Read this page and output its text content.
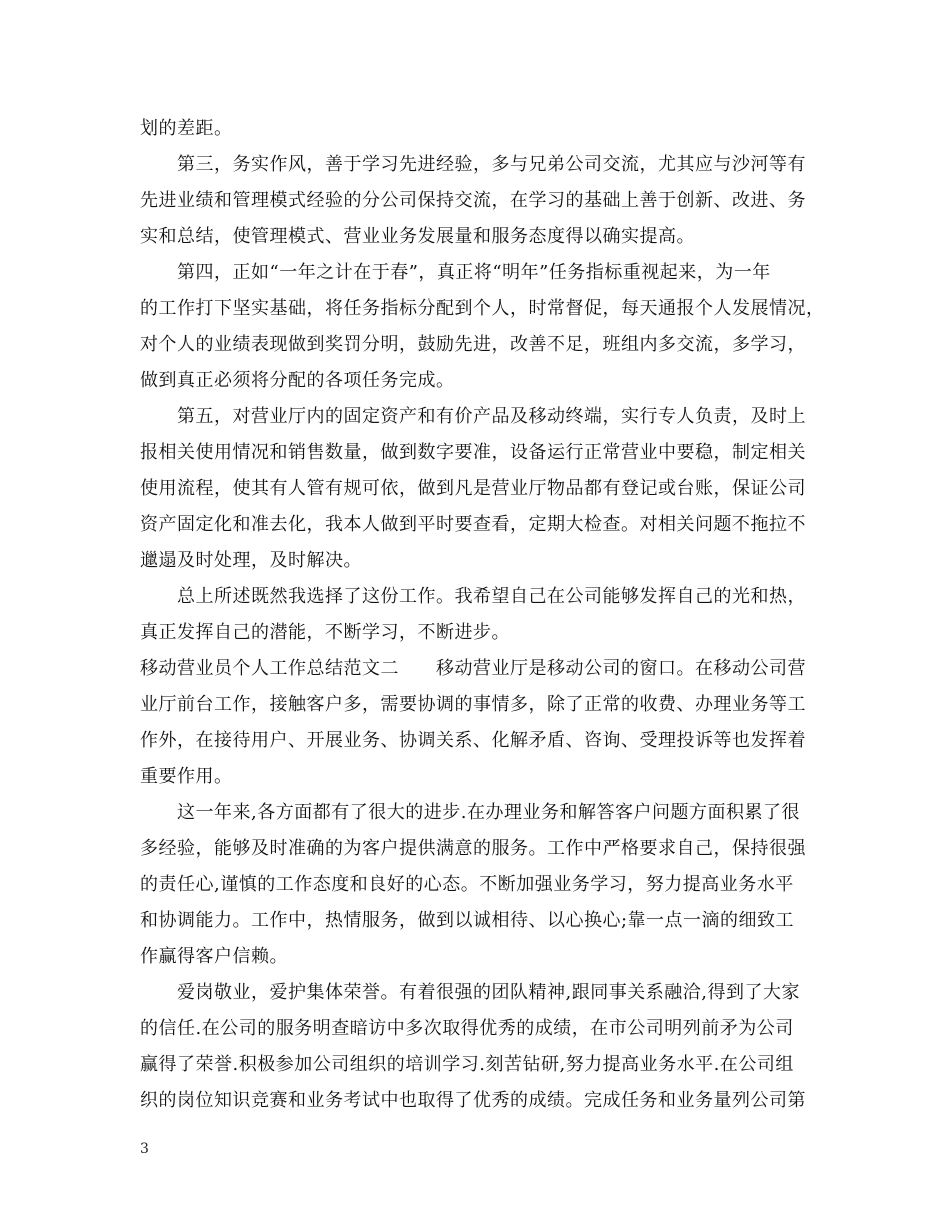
划的差距。
　　第三，务实作风，善于学习先进经验，多与兄弟公司交流，尤其应与沙河等有
先进业绩和管理模式经验的分公司保持交流，在学习的基础上善于创新、改进、务
实和总结，使管理模式、营业业务发展量和服务态度得以确实提高。
　　第四，正如“一年之计在于春”，真正将“明年”任务指标重视起来，为一年
的工作打下坚实基础，将任务指标分配到个人，时常督促，每天通报个人发展情况，
对个人的业绩表现做到奖罚分明，鼓励先进，改善不足，班组内多交流，多学习，
做到真正必须将分配的各项任务完成。
　　第五，对营业厅内的固定资产和有价产品及移动终端，实行专人负责，及时上
报相关使用情况和销售数量，做到数字要准，设备运行正常营业中要稳，制定相关
使用流程，使其有人管有规可依，做到凡是营业厅物品都有登记或台账，保证公司
资产固定化和准去化，我本人做到平时要查看，定期大检查。对相关问题不拖拉不
邋遢及时处理，及时解决。
　　总上所述既然我选择了这份工作。我希望自己在公司能够发挥自己的光和热，
真正发挥自己的潜能，不断学习，不断进步。
移动营业员个人工作总结范文二　　移动营业厅是移动公司的窗口。在移动公司营
业厅前台工作，接触客户多，需要协调的事情多，除了正常的收费、办理业务等工
作外，在接待用户、开展业务、协调关系、化解矛盾、咨询、受理投诉等也发挥着
重要作用。
　　这一年来,各方面都有了很大的进步.在办理业务和解答客户问题方面积累了很
多经验，能够及时准确的为客户提供满意的服务。工作中严格要求自己，保持很强
的责任心,谨慎的工作态度和良好的心态。不断加强业务学习，努力提高业务水平
和协调能力。工作中，热情服务，做到以诚相待、以心换心;靠一点一滴的细致工
作赢得客户信赖。
　　爱岗敬业，爱护集体荣誉。有着很强的团队精神,跟同事关系融洽,得到了大家
的信任.在公司的服务明查暗访中多次取得优秀的成绩，在市公司明列前矛为公司
赢得了荣誉.积极参加公司组织的培训学习.刻苦钻研,努力提高业务水平.在公司组
织的岗位知识竞赛和业务考试中也取得了优秀的成绩。完成任务和业务量列公司第
3
